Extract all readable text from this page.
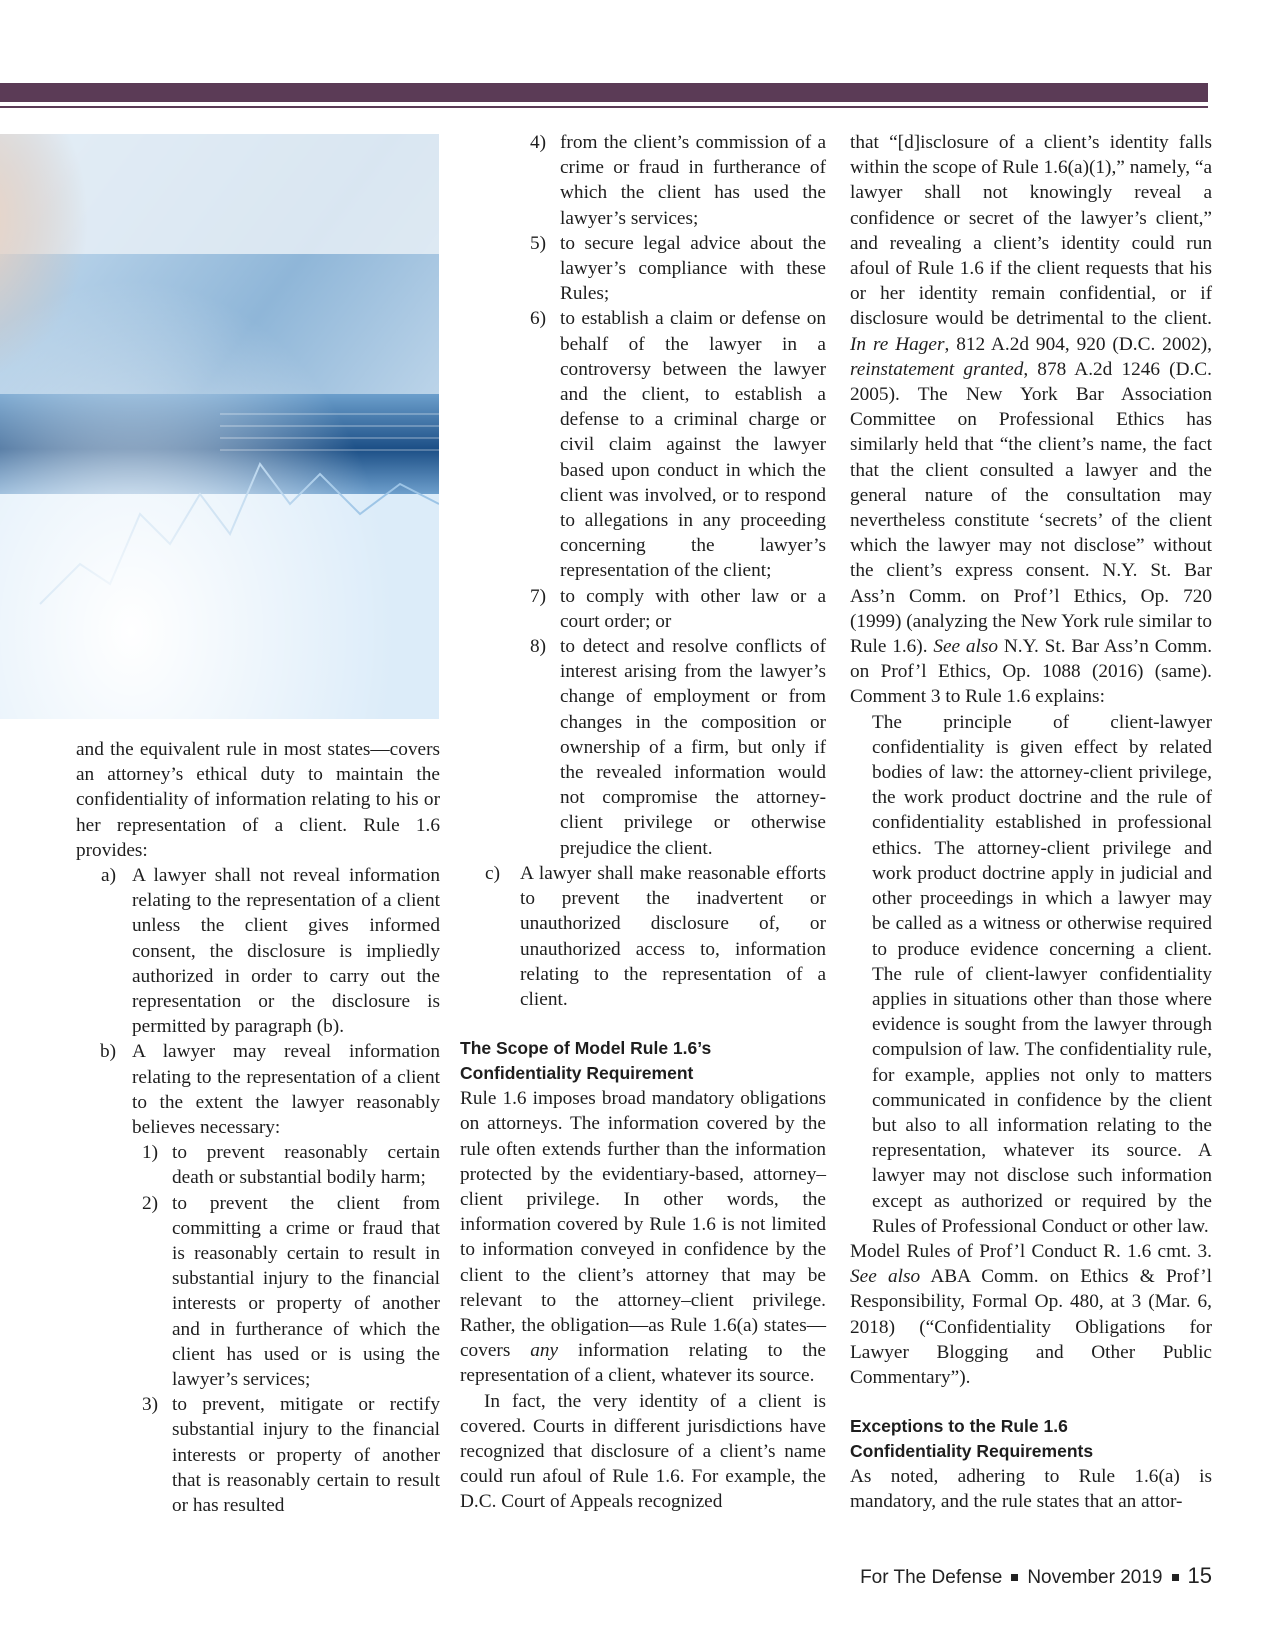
and the equivalent rule in most states—covers an attorney’s ethical duty to maintain the confidentiality of information relating to his or her representation of a client. Rule 1.6 provides:

a) A lawyer shall not reveal information relating to the representation of a client unless the client gives informed consent, the disclosure is impliedly authorized in order to carry out the representation or the disclosure is permitted by paragraph (b).
b) A lawyer may reveal information relating to the representation of a client to the extent the lawyer reasonably believes necessary:
1) to prevent reasonably certain death or substantial bodily harm;
2) to prevent the client from committing a crime or fraud that is reasonably certain to result in substantial injury to the financial interests or property of another and in furtherance of which the client has used or is using the lawyer’s services;
3) to prevent, mitigate or rectify substantial injury to the financial interests or property of another that is reasonably certain to result or has resulted
4) from the client’s commission of a crime or fraud in furtherance of which the client has used the lawyer’s services;
5) to secure legal advice about the lawyer’s compliance with these Rules;
6) to establish a claim or defense on behalf of the lawyer in a controversy between the lawyer and the client, to establish a defense to a criminal charge or civil claim against the lawyer based upon conduct in which the client was involved, or to respond to allegations in any proceeding concerning the lawyer’s representation of the client;
7) to comply with other law or a court order; or
8) to detect and resolve conflicts of interest arising from the lawyer’s change of employment or from changes in the composition or ownership of a firm, but only if the revealed information would not compromise the attorney-client privilege or otherwise prejudice the client.
c) A lawyer shall make reasonable efforts to prevent the inadvertent or unauthorized disclosure of, or unauthorized access to, information relating to the representation of a client.

The Scope of Model Rule 1.6’s
Confidentiality Requirement

Rule 1.6 imposes broad mandatory obligations on attorneys. The information covered by the rule often extends further than the information protected by the evidentiary-based, attorney–client privilege. In other words, the information covered by Rule 1.6 is not limited to information conveyed in confidence by the client to the client’s attorney that may be relevant to the attorney–client privilege. Rather, the obligation—as Rule 1.6(a) states—covers any information relating to the representation of a client, whatever its source.

In fact, the very identity of a client is covered. Courts in different jurisdictions have recognized that disclosure of a client’s name could run afoul of Rule 1.6. For example, the D.C. Court of Appeals recognized

that “[d]isclosure of a client’s identity falls within the scope of Rule 1.6(a)(1),” namely, “a lawyer shall not knowingly reveal a confidence or secret of the lawyer’s client,” and revealing a client’s identity could run afoul of Rule 1.6 if the client requests that his or her identity remain confidential, or if disclosure would be detrimental to the client. In re Hager, 812 A.2d 904, 920 (D.C. 2002), reinstatement granted, 878 A.2d 1246 (D.C. 2005). The New York Bar Association Committee on Professional Ethics has similarly held that “the client’s name, the fact that the client consulted a lawyer and the general nature of the consultation may nevertheless constitute ‘secrets’ of the client which the lawyer may not disclose” without the client’s express consent. N.Y. St. Bar Ass’n Comm. on Prof’l Ethics, Op. 720 (1999) (analyzing the New York rule similar to Rule 1.6). See also N.Y. St. Bar Ass’n Comm. on Prof’l Ethics, Op. 1088 (2016) (same). Comment 3 to Rule 1.6 explains:

The principle of client-lawyer confidentiality is given effect by related bodies of law: the attorney-client privilege, the work product doctrine and the rule of confidentiality established in professional ethics. The attorney-client privilege and work product doctrine apply in judicial and other proceedings in which a lawyer may be called as a witness or otherwise required to produce evidence concerning a client. The rule of client-lawyer confidentiality applies in situations other than those where evidence is sought from the lawyer through compulsion of law. The confidentiality rule, for example, applies not only to matters communicated in confidence by the client but also to all information relating to the representation, whatever its source. A lawyer may not disclose such information except as authorized or required by the Rules of Professional Conduct or other law.

Model Rules of Prof’l Conduct R. 1.6 cmt. 3. See also ABA Comm. on Ethics & Prof’l Responsibility, Formal Op. 480, at 3 (Mar. 6, 2018) (“Confidentiality Obligations for Lawyer Blogging and Other Public Commentary”).

Exceptions to the Rule 1.6
Confidentiality Requirements

As noted, adhering to Rule 1.6(a) is mandatory, and the rule states that an attor-

For The Defense November 2019 15
